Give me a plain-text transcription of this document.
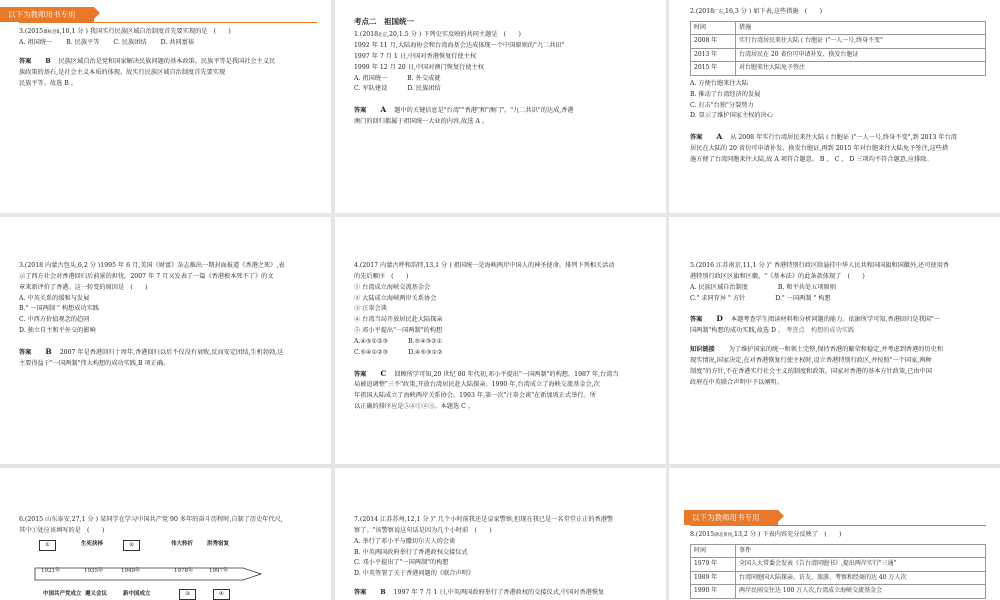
以下为教师用书专用

3.(2015课标卷Ⅱ,10,1 分 ) 我国实行民族区域自治制度首先要实现的是　(　　)

A. 祖国统一 B. 民族平等 C. 民族团结 D. 共同富裕
答案 B 民族区域自治是党和国家解决民族问题的基本政策。民族平等是我国社会主义民
族政策的基石,是社会主义本质的体现。故实行民族区域自治制度首先要实现
民族平等。故选 B 。
考点二　祖国统一

1.(2018北京,20,1.5 分 ) 下列史实反映的共同主题是　(　　)

1992 年 11 月,大陆海协会和台湾海基会达成体现一个中国原则的"九二共识"
1997 年 7 月 1 日,中国对香港恢复行使主权
1999 年 12 月 20 日,中国对澳门恢复行使主权
A. 祖国统一	B. 外交成就
C. 军队建设	D. 民族团结
答案 A 题中的关键信息是"台湾""香港"和"澳门"。"九二共识"的达成,香港
澳门的回归都属于祖国统一大业的内容,故选 A 。

2.(2018广东,16,3 分 ) 如下表,这些措施　(　　)

时间	措施
2008 年	实行台湾居民来往大陆 ( 台胞证 )"一人一号,终身不变"
2013 年	台湾居民在 20 省份可申请补发、换发台胞证
2015 年	对台胞来往大陆免予签注
A. 方便台胞来往大陆
B. 推动了台湾经济的发展
C. 打击"台独"分裂势力
D. 显示了维护国家主权的决心
答案 A 从 2008 年实行台湾居民来往大陆 ( 台胞证 )"一人一号,终身不变",到 2013 年台湾
居民在大陆的 20 省份可申请补发、换发台胞证,再到 2015 年对台胞来往大陆免予签注,这些措
施方便了台湾同胞来往大陆,故 A 项符合题意。 B 、 C 、 D 三项均不符合题意,应排除。

3.(2018 内蒙古包头,6,2 分 )1995 年 6 月,美国《财富》杂志推出一期封面报道《香港之死》,表
示了西方社会对香港回归后前景的担忧。2007 年 7 月又发表了一篇《香港根本死不了》的文
章来新评价了香港。这一转变的原因是　(　　)

A. 中英关系的缓和与发展
B." 一国两制 " 构想成功实践
C. 中西方价值观念的趋同
D. 独立自主和平外交的影响
答案 B 2007 年是香港回归十周年,香港回归以后不仅没有衰败,反而安定团结,生机勃勃,这
主要得益于"一国两制"伟大构想的成功实践,B 项正确。

4.(2017 内蒙古呼和浩特,13,1 分 ) 祖国统一是海峡两岸中国人的神圣使命。排列下列相关活动
的先后顺序　(　　)

① 台湾成立海峡交流基金会
② 大陆成立海峡两岸关系协会
③ 汪辜会谈
④ 台湾当局开放居民赴大陆探亲
⑤ 邓小平提出"一国两制"的构想
A.④⑤①②③	B.⑤④③②①
C.⑤④①②③	D.④⑤③①②
答案 C 回顾所学可知,20 世纪 80 年代初,邓小平提出"一国两制"的构想。1987 年,台湾当
局被迫调整"三不"政策,开放台湾居民赴大陆探亲。1990 年,台湾成立了海峡交流基金会,次
年祖国大陆成立了海峡两岸关系协会。1993 年,第一次"汪辜会谈"在新加坡正式举行。所
以正确的排序应是⑤④①②③。本题选 C 。

5.(2016 江苏南京,11,1 分 )" 香港特别行政区除悬挂中华人民共和国国旗和国徽外,还可使用香
港特别行政区区旗和区徽。"《基本法》的此条款体现了　(　　)

A. 民族区域自治制度	B. 和平共处五项原则
C." 求同存异 " 方针	D." 一国两制 " 构想
答案 D 本题考查学生阅读材料和分析问题的能力。依据所学可知,香港回归是我国"一
国两制"构想的成功实践,故选 D 。 考查点　构想的成功实践
知识链接 为了维护国家的统一和领土完整,保持香港的繁荣和稳定,并考虑到香港的历史和
现实情况,国家决定,在对香港恢复行使主权时,设立香港特别行政区,并按照"一个国家,两种
制度"的方针,不在香港实行社会主义的制度和政策。国家对香港的基本方针政策,已由中国
政府在中英联合声明中予以阐明。

6.(2015 山东泰安,27,1 分 ) 某同学在学习中国共产党 90 多年的奋斗历程时,自制了历史年代尺,
其中①处应该填写的是　(　　)

①	生死抉择	②	伟大转折	洪秀宿复
1921年	1935年	1949年	1978年	1997年
中国共产党成立 遵义会议	新中国成立	③	④

7.(2014 江苏苏州,12,1 分 )" 几个小时前我还是皇家警察,但现在我已是一名堂堂正正的香港警
察了。"该警察说这句话是因为几个小时前　(　　)

A. 举行了邓小平与撒切尔夫人的会谈
B. 中英两国政府举行了香港政权交接仪式
C. 邓小平提出了"一国两制"的构想
D. 中英签署了关于香港问题的《联合声明》
答案 B 1997 年 7 月 1 日,中英两国政府举行了香港政权的交接仪式,中国对香港恢复
以下为教师用书专用

8.(2015湖北黄冈,13,2 分 ) 下表内容充分反映了　(　　)

时间	事件
1979 年	全国人大常委会发表《告台湾同胞书》,提出两岸实行"三通"
1989 年	台湾同胞国大陆探亲、访友、旅游、考察和经商的达 40 万人次
1990 年	两岸民间交往达 100 万人次,台湾成立海峡交流基金会
